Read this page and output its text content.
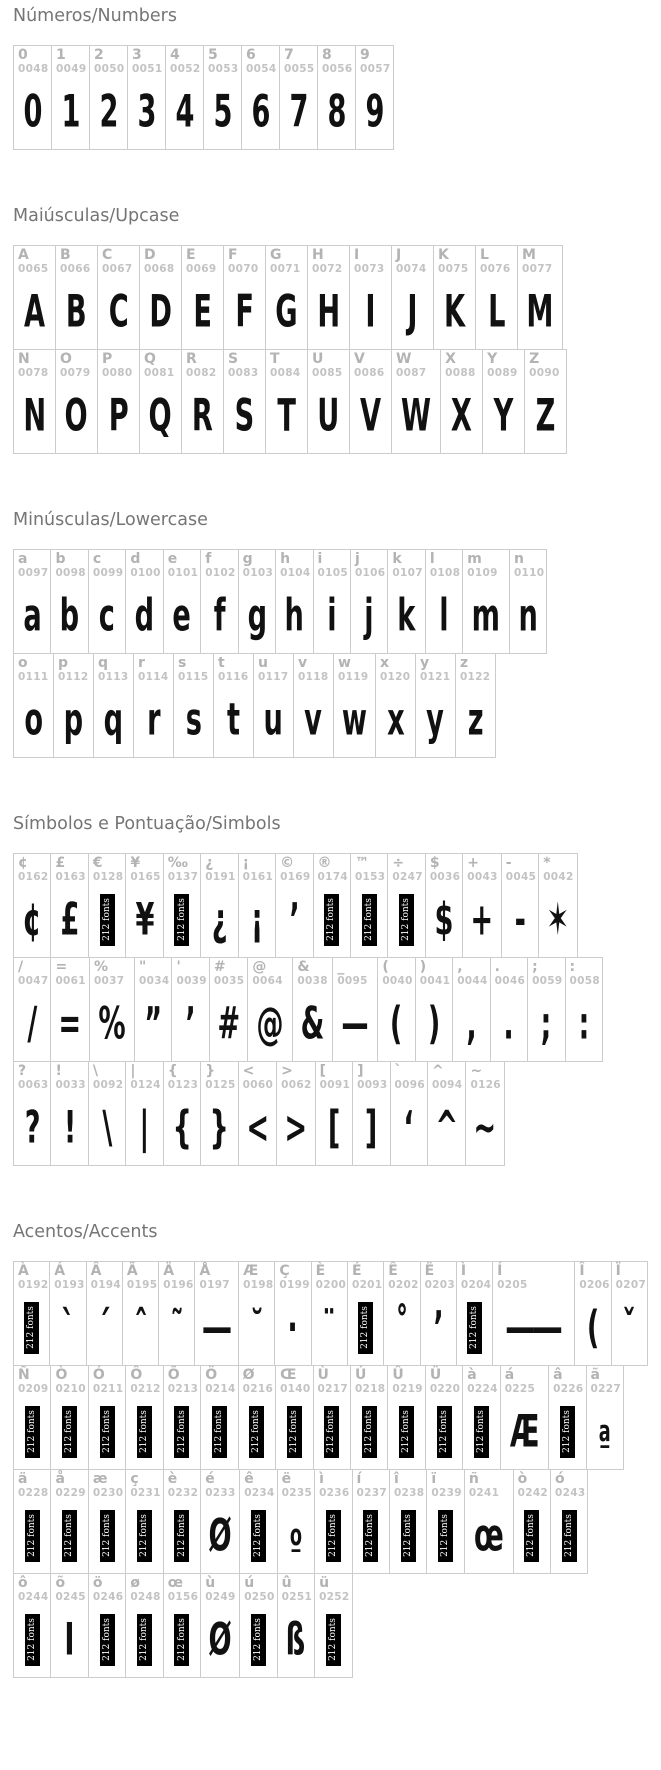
Números/Numbers
0
0048
0
1
0049
1
2
0050
2
3
0051
3
4
0052
4
5
0053
5
6
0054
6
7
0055
7
8
0056
8
9
0057
9
Maiúsculas/Upcase
A
0065
A
B
0066
B
C
0067
C
D
0068
D
E
0069
E
F
0070
F
G
0071
G
H
0072
H
I
0073
I
J
0074
J
K
0075
K
L
0076
L
M
0077
M
N
0078
N
O
0079
O
P
0080
P
Q
0081
Q
R
0082
R
S
0083
S
T
0084
T
U
0085
U
V
0086
V
W
0087
W
X
0088
X
Y
0089
Y
Z
0090
Z
Minúsculas/Lowercase
a
0097
a
b
0098
b
c
0099
c
d
0100
d
e
0101
e
f
0102
f
g
0103
g
h
0104
h
i
0105
i
j
0106
j
k
0107
k
l
0108
l
m
0109
m
n
0110
n
o
0111
o
p
0112
p
q
0113
q
r
0114
r
s
0115
s
t
0116
t
u
0117
u
v
0118
v
w
0119
w
x
0120
x
y
0121
y
z
0122
z
Símbolos e Pontuação/Simbols
¢
0162
¢
£
0163
£
€
0128
212 fonts
¥
0165
¥
‰
0137
212 fonts
¿
0191
¿
¡
0161
¡
©
0169
’
®
0174
212 fonts
™
0153
212 fonts
÷
0247
212 fonts
$
0036
$
+
0043
+
-
0045
-
*
0042
✶
/
0047
/
=
0061
=
%
0037
%
"
0034
”
'
0039
’
#
0035
#
@
0064
@
&
0038
&
_
0095
—
(
0040
(
)
0041
)
,
0044
,
.
0046
.
;
0059
;
:
0058
:
?
0063
?
!
0033
!
\
0092
\
|
0124
|
{
0123
{
}
0125
}
<
0060
<
>
0062
>
[
0091
[
]
0093
]
`
0096
‘
^
0094
^
~
0126
~
Acentos/Accents
À
0192
212 fonts
Á
0193
`
Â
0194
´
Ã
0195
ˆ
Ä
0196
˜
Å
0197
―
Æ
0198
˘
Ç
0199
·
È
0200
¨
É
0201
212 fonts
Ê
0202
˚
Ë
0203
’
Ì
0204
212 fonts
Í
0205
――
Î
0206
(
Ï
0207
ˇ
Ñ
0209
212 fonts
Ò
0210
212 fonts
Ó
0211
212 fonts
Ô
0212
212 fonts
Õ
0213
212 fonts
Ö
0214
212 fonts
Ø
0216
212 fonts
Œ
0140
212 fonts
Ù
0217
212 fonts
Ú
0218
212 fonts
Û
0219
212 fonts
Ü
0220
212 fonts
à
0224
212 fonts
á
0225
Æ
â
0226
212 fonts
ã
0227
a̲
ä
0228
212 fonts
å
0229
212 fonts
æ
0230
212 fonts
ç
0231
212 fonts
è
0232
212 fonts
é
0233
Ø
ê
0234
212 fonts
ë
0235
o̲
ì
0236
212 fonts
í
0237
212 fonts
î
0238
212 fonts
ï
0239
212 fonts
ñ
0241
œ
ò
0242
212 fonts
ó
0243
212 fonts
ô
0244
212 fonts
õ
0245
I
ö
0246
212 fonts
ø
0248
212 fonts
œ
0156
212 fonts
ù
0249
Ø
ú
0250
212 fonts
û
0251
ß
ü
0252
212 fonts
